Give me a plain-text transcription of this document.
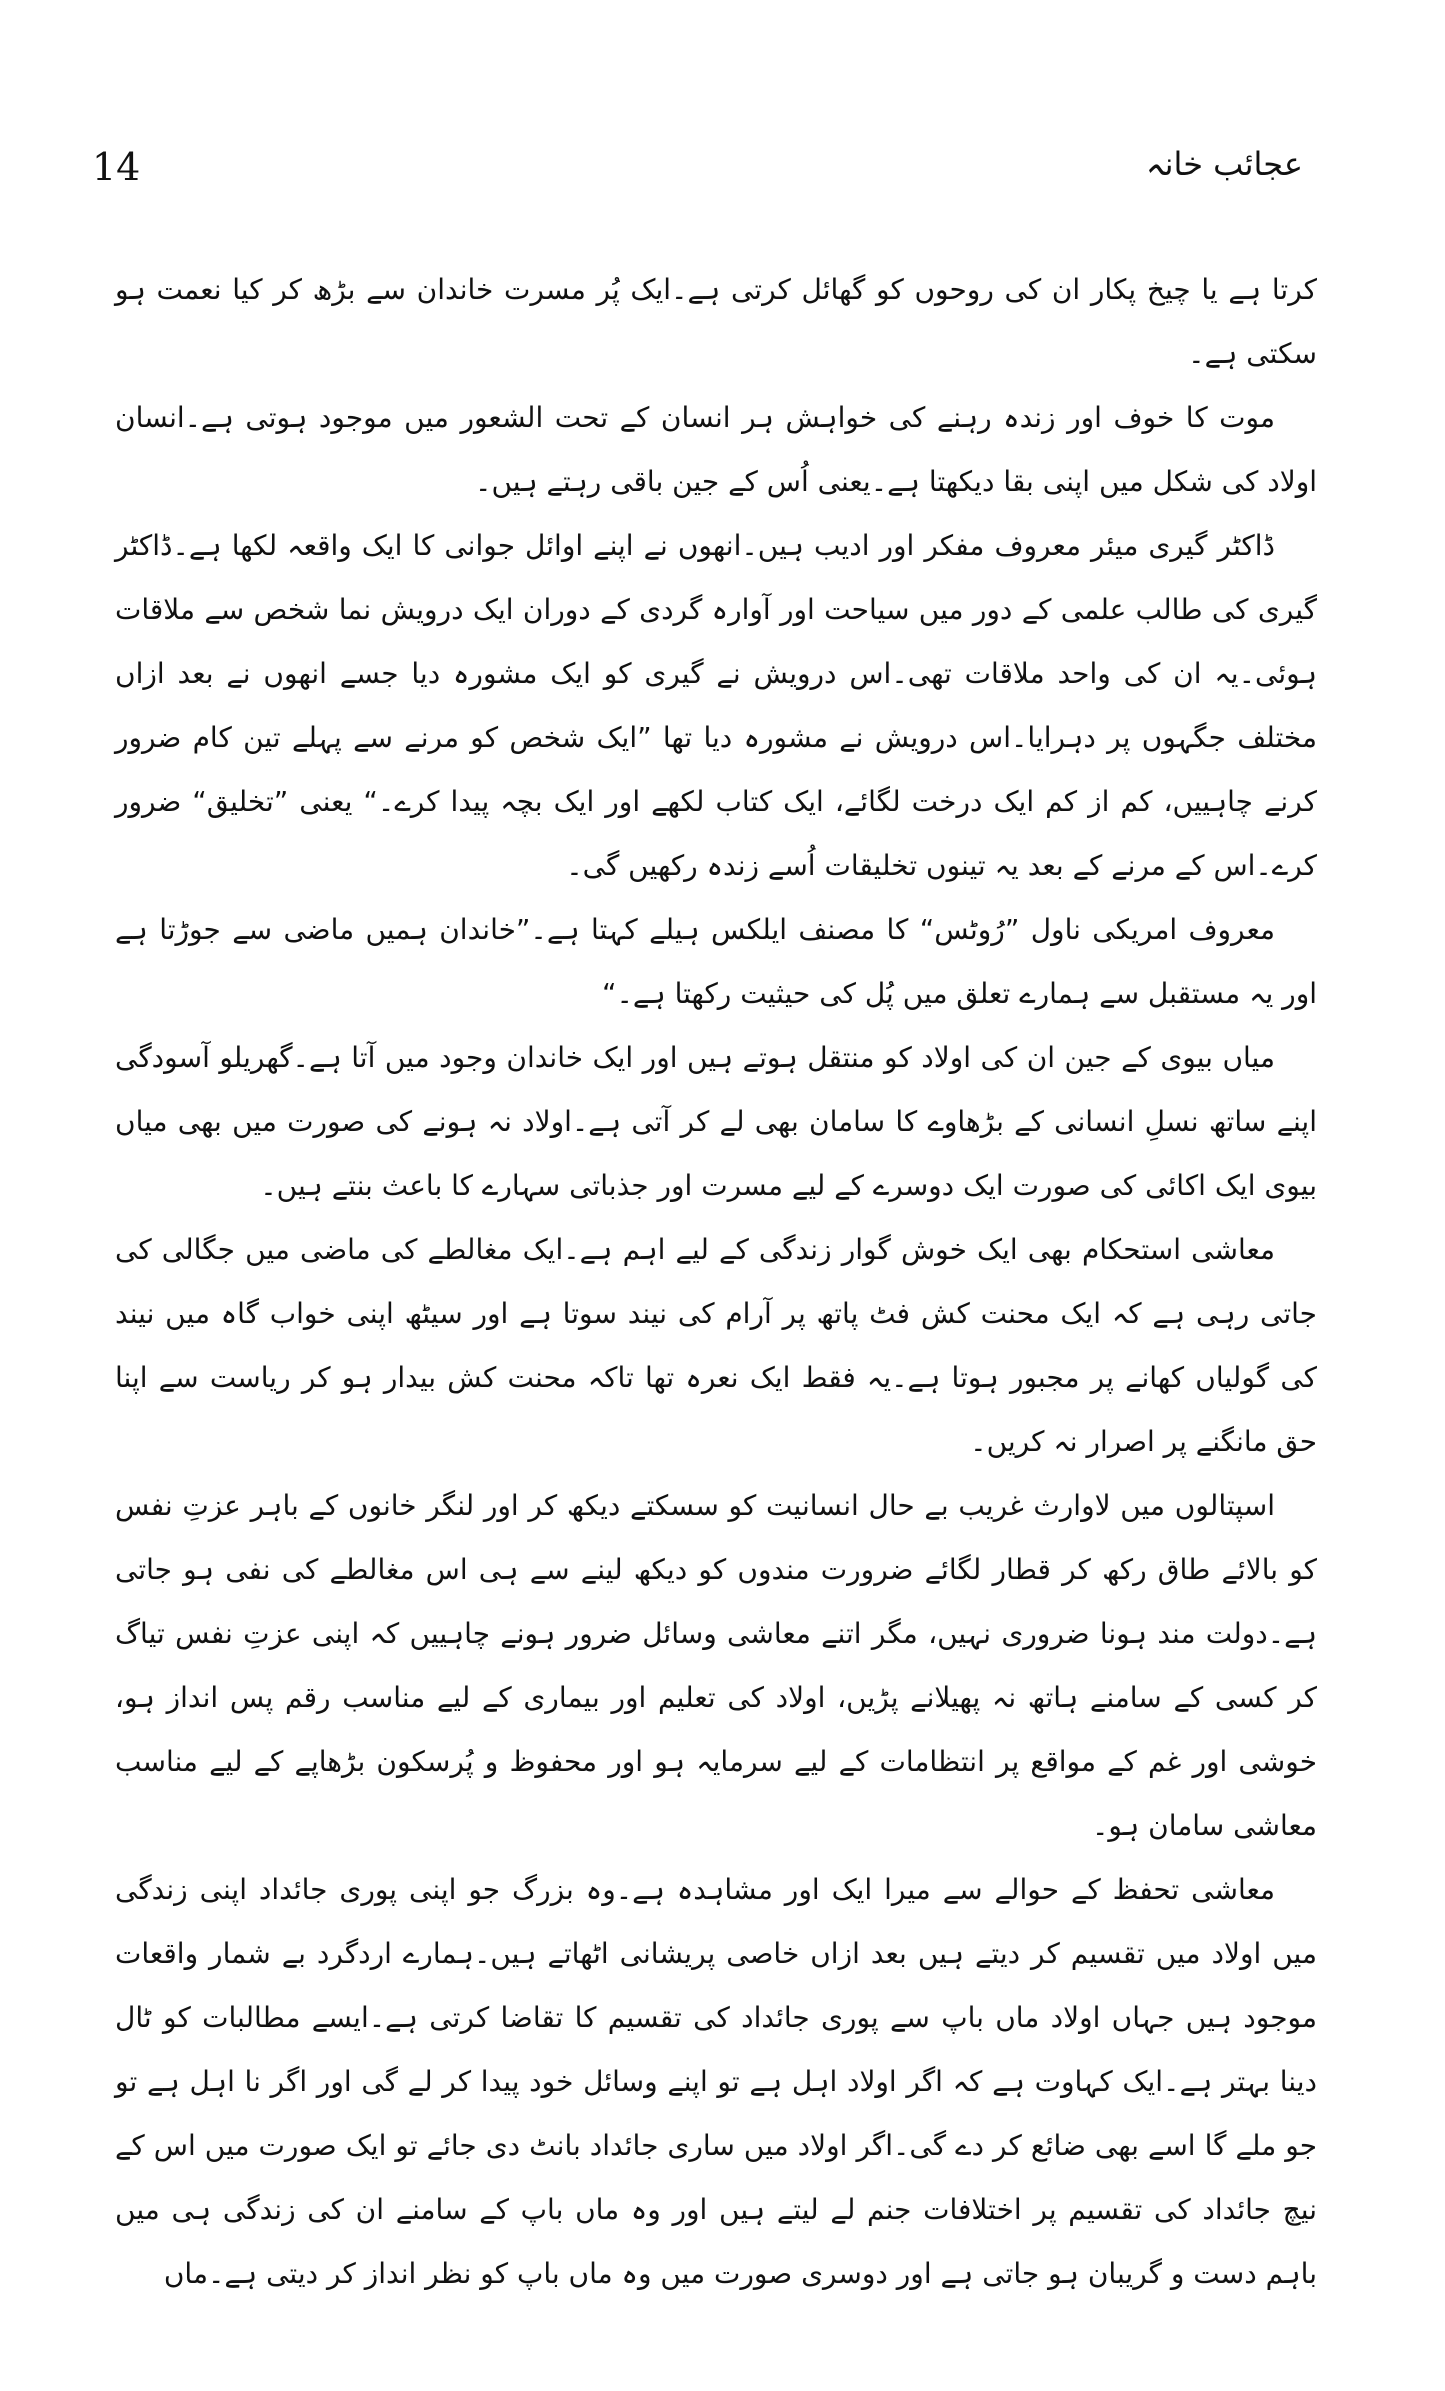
14	عجائب خانہ

کرتا ہے یا چیخ پکار ان کی روحوں کو گھائل کرتی ہے۔ایک پُر مسرت خاندان سے بڑھ کر کیا نعمت ہو سکتی ہے۔

موت کا خوف اور زندہ رہنے کی خواہش ہر انسان کے تحت الشعور میں موجود ہوتی ہے۔انسان اولاد کی شکل میں اپنی بقا دیکھتا ہے۔یعنی اُس کے جین باقی رہتے ہیں۔

ڈاکٹر گیری میئر معروف مفکر اور ادیب ہیں۔انھوں نے اپنے اوائل جوانی کا ایک واقعہ لکھا ہے۔ڈاکٹر گیری کی طالب علمی کے دور میں سیاحت اور آوارہ گردی کے دوران ایک درویش نما شخص سے ملاقات ہوئی۔یہ ان کی واحد ملاقات تھی۔اس درویش نے گیری کو ایک مشورہ دیا جسے انھوں نے بعد ازاں مختلف جگہوں پر دہرایا۔اس درویش نے مشورہ دیا تھا ”ایک شخص کو مرنے سے پہلے تین کام ضرور کرنے چاہییں، کم از کم ایک درخت لگائے، ایک کتاب لکھے اور ایک بچہ پیدا کرے۔“ یعنی ”تخلیق“ ضرور کرے۔اس کے مرنے کے بعد یہ تینوں تخلیقات اُسے زندہ رکھیں گی۔

معروف امریکی ناول ”رُوٹس“ کا مصنف ایلکس ہیلے کہتا ہے۔”خاندان ہمیں ماضی سے جوڑتا ہے اور یہ مستقبل سے ہمارے تعلق میں پُل کی حیثیت رکھتا ہے۔“

میاں بیوی کے جین ان کی اولاد کو منتقل ہوتے ہیں اور ایک خاندان وجود میں آتا ہے۔گھریلو آسودگی اپنے ساتھ نسلِ انسانی کے بڑھاوے کا سامان بھی لے کر آتی ہے۔اولاد نہ ہونے کی صورت میں بھی میاں بیوی ایک اکائی کی صورت ایک دوسرے کے لیے مسرت اور جذباتی سہارے کا باعث بنتے ہیں۔

معاشی استحکام بھی ایک خوش گوار زندگی کے لیے اہم ہے۔ایک مغالطے کی ماضی میں جگالی کی جاتی رہی ہے کہ ایک محنت کش فٹ پاتھ پر آرام کی نیند سوتا ہے اور سیٹھ اپنی خواب گاہ میں نیند کی گولیاں کھانے پر مجبور ہوتا ہے۔یہ فقط ایک نعرہ تھا تاکہ محنت کش بیدار ہو کر ریاست سے اپنا حق مانگنے پر اصرار نہ کریں۔

اسپتالوں میں لاوارث غریب بے حال انسانیت کو سسکتے دیکھ کر اور لنگر خانوں کے باہر عزتِ نفس کو بالائے طاق رکھ کر قطار لگائے ضرورت مندوں کو دیکھ لینے سے ہی اس مغالطے کی نفی ہو جاتی ہے۔دولت مند ہونا ضروری نہیں، مگر اتنے معاشی وسائل ضرور ہونے چاہییں کہ اپنی عزتِ نفس تیاگ کر کسی کے سامنے ہاتھ نہ پھیلانے پڑیں، اولاد کی تعلیم اور بیماری کے لیے مناسب رقم پس انداز ہو، خوشی اور غم کے مواقع پر انتظامات کے لیے سرمایہ ہو اور محفوظ و پُرسکون بڑھاپے کے لیے مناسب معاشی سامان ہو۔

معاشی تحفظ کے حوالے سے میرا ایک اور مشاہدہ ہے۔وہ بزرگ جو اپنی پوری جائداد اپنی زندگی میں اولاد میں تقسیم کر دیتے ہیں بعد ازاں خاصی پریشانی اٹھاتے ہیں۔ہمارے اردگرد بے شمار واقعات موجود ہیں جہاں اولاد ماں باپ سے پوری جائداد کی تقسیم کا تقاضا کرتی ہے۔ایسے مطالبات کو ٹال دینا بہتر ہے۔ایک کہاوت ہے کہ اگر اولاد اہل ہے تو اپنے وسائل خود پیدا کر لے گی اور اگر نا اہل ہے تو جو ملے گا اسے بھی ضائع کر دے گی۔اگر اولاد میں ساری جائداد بانٹ دی جائے تو ایک صورت میں اس کے نیچ جائداد کی تقسیم پر اختلافات جنم لے لیتے ہیں اور وہ ماں باپ کے سامنے ان کی زندگی ہی میں باہم دست و گریبان ہو جاتی ہے اور دوسری صورت میں وہ ماں باپ کو نظر انداز کر دیتی ہے۔ماں
